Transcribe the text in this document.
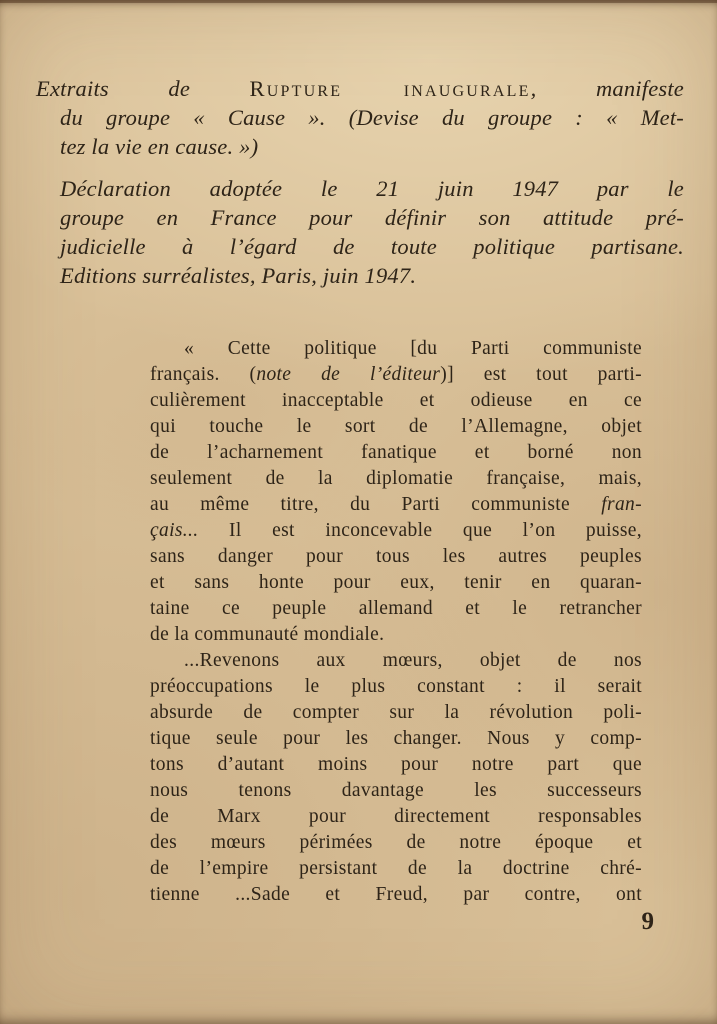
Extraits de Rupture inaugurale, manifeste
du groupe « Cause ». (Devise du groupe : « Met-
tez la vie en cause. »)
Déclaration adoptée le 21 juin 1947 par le
groupe en France pour définir son attitude pré-
judicielle à l’égard de toute politique partisane.
Editions surréalistes, Paris, juin 1947.
« Cette politique [du Parti communiste
français. (note de l’éditeur)] est tout parti-
culièrement inacceptable et odieuse en ce
qui touche le sort de l’Allemagne, objet
de l’acharnement fanatique et borné non
seulement de la diplomatie française, mais,
au même titre, du Parti communiste fran-
çais... Il est inconcevable que l’on puisse,
sans danger pour tous les autres peuples
et sans honte pour eux, tenir en quaran-
taine ce peuple allemand et le retrancher
de la communauté mondiale.
...Revenons aux mœurs, objet de nos
préoccupations le plus constant : il serait
absurde de compter sur la révolution poli-
tique seule pour les changer. Nous y comp-
tons d’autant moins pour notre part que
nous tenons davantage les successeurs
de Marx pour directement responsables
des mœurs périmées de notre époque et
de l’empire persistant de la doctrine chré-
tienne ...Sade et Freud, par contre, ont
9
